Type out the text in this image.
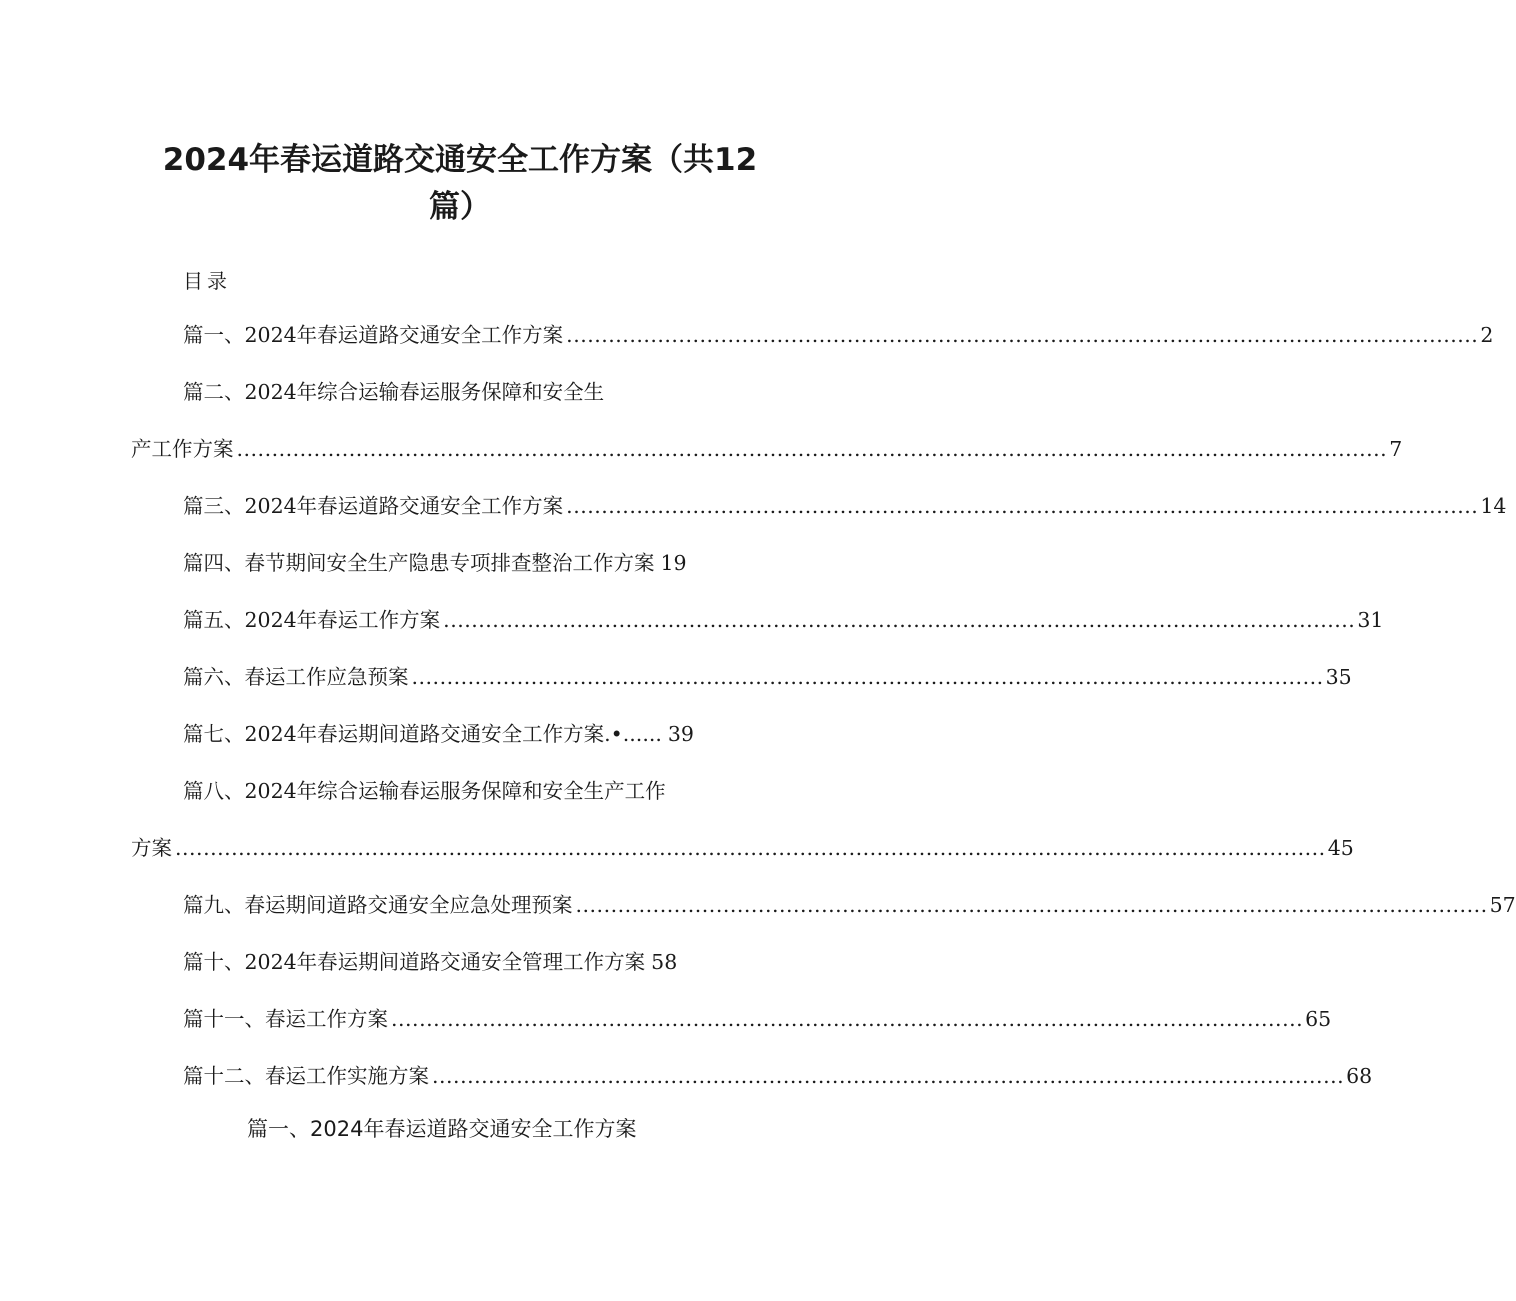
2024年春运道路交通安全工作方案（共12
篇）
目录
篇一、2024年春运道路交通安全工作方案 .................................................................................................................................. 2
篇二、2024年综合运输春运服务保障和安全生
产工作方案 .................................................................................................................................................................... 7
篇三、2024年春运道路交通安全工作方案 .................................................................................................................................. 14
篇四、春节期间安全生产隐患专项排查整治工作方案 19
篇五、2024年春运工作方案 .................................................................................................................................. 31
篇六、春运工作应急预案 .................................................................................................................................. 35
篇七、2024年春运期间道路交通安全工作方案.•...... 39
篇八、2024年综合运输春运服务保障和安全生产工作
方案 .................................................................................................................................................................... 45
篇九、春运期间道路交通安全应急处理预案 .................................................................................................................................. 57
篇十、2024年春运期间道路交通安全管理工作方案 58
篇十一、春运工作方案 .................................................................................................................................. 65
篇十二、春运工作实施方案 .................................................................................................................................. 68
篇一、2024年春运道路交通安全工作方案
